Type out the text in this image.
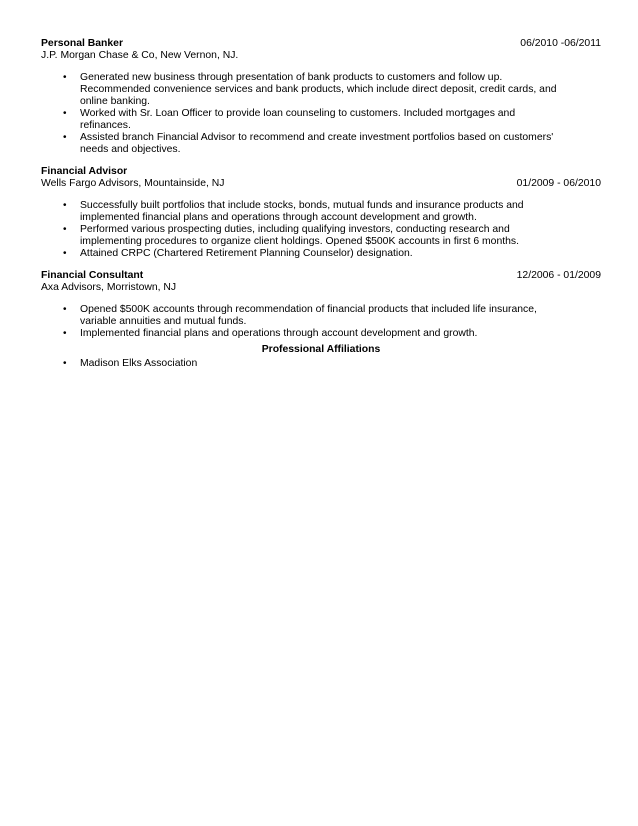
Personal Banker	06/2010 -06/2011
J.P. Morgan Chase & Co, New Vernon, NJ.
• Generated new business through presentation of bank products to customers and follow up. Recommended convenience services and bank products, which include direct deposit, credit cards, and online banking.
• Worked with Sr. Loan Officer to provide loan counseling to customers. Included mortgages and refinances.
• Assisted branch Financial Advisor to recommend and create investment portfolios based on customers' needs and objectives.
Financial Advisor
Wells Fargo Advisors, Mountainside, NJ	01/2009 - 06/2010
• Successfully built portfolios that include stocks, bonds, mutual funds and insurance products and implemented financial plans and operations through account development and growth.
• Performed various prospecting duties, including qualifying investors, conducting research and implementing procedures to organize client holdings. Opened $500K accounts in first 6 months.
• Attained CRPC (Chartered Retirement Planning Counselor) designation.
Financial Consultant	12/2006 - 01/2009
Axa Advisors, Morristown, NJ
• Opened $500K accounts through recommendation of financial products that included life insurance, variable annuities and mutual funds.
• Implemented financial plans and operations through account development and growth.
Professional Affiliations
• Madison Elks Association
